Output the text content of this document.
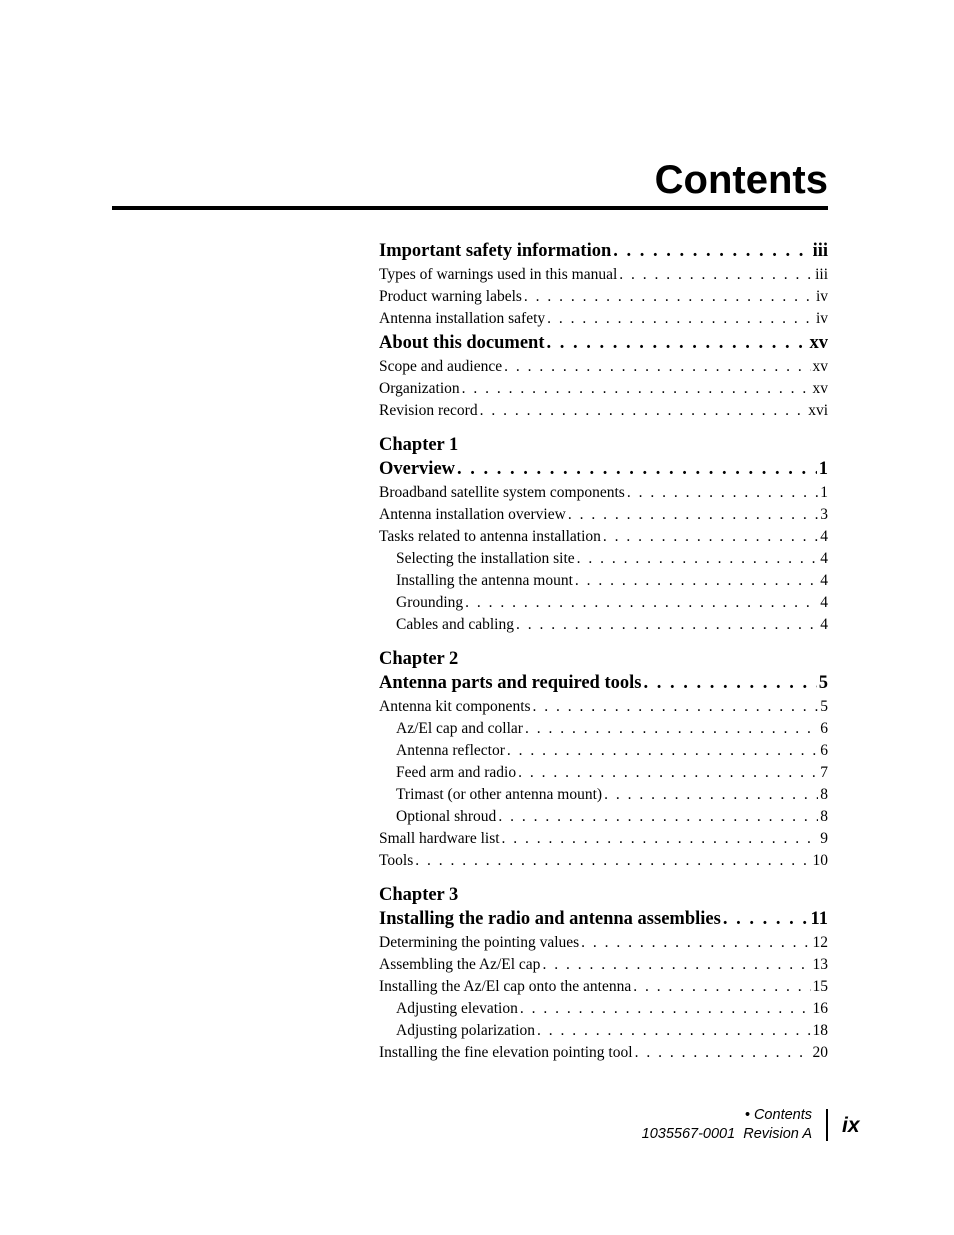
Contents
Important safety information . . .	iii
Types of warnings used in this manual . . .	iii
Product warning labels . . .	iv
Antenna installation safety . . .	iv
About this document . . .	xv
Scope and audience . . .	xv
Organization . . .	xv
Revision record . . .	xvi
Chapter 1
Overview . . .	1
Broadband satellite system components . . .	1
Antenna installation overview . . .	3
Tasks related to antenna installation . . .	4
Selecting the installation site . . .	4
Installing the antenna mount . . .	4
Grounding . . .	4
Cables and cabling . . .	4
Chapter 2
Antenna parts and required tools . . .	5
Antenna kit components . . .	5
Az/El cap and collar . . .	6
Antenna reflector . . .	6
Feed arm and radio . . .	7
Trimast (or other antenna mount) . . .	8
Optional shroud . . .	8
Small hardware list . . .	9
Tools . . .	10
Chapter 3
Installing the radio and antenna assemblies . . .	11
Determining the pointing values . . .	12
Assembling the Az/El cap . . .	13
Installing the Az/El cap onto the antenna . . .	15
Adjusting elevation . . .	16
Adjusting polarization . . .	18
Installing the fine elevation pointing tool . . .	20
• Contents
1035567-0001  Revision A ix
